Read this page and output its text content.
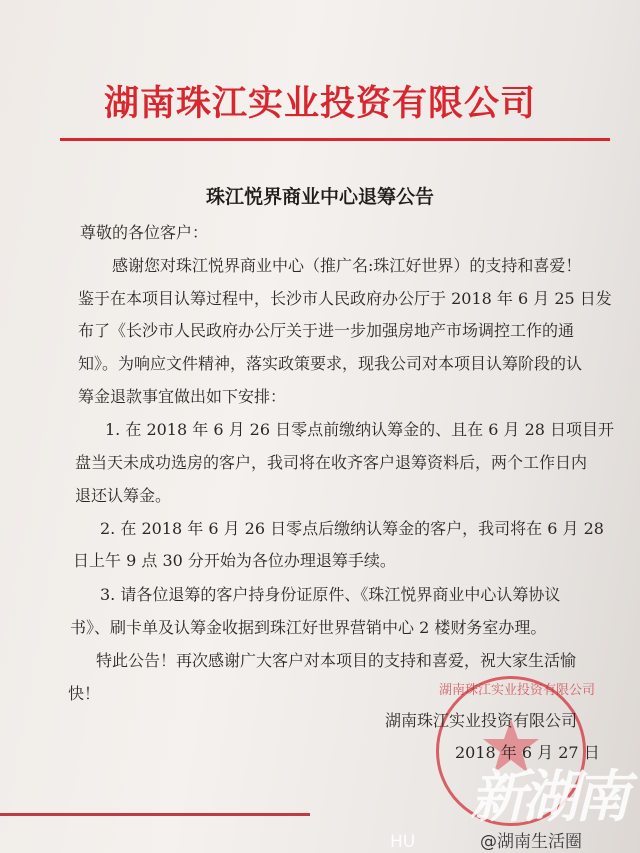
湖南珠江实业投资有限公司
珠江悦界商业中心退筹公告
尊敬的各位客户：
感谢您对珠江悦界商业中心（推广名:珠江好世界）的支持和喜爱！
鉴于在本项目认筹过程中，长沙市人民政府办公厅于 2018 年 6 月 25 日发
布了《长沙市人民政府办公厅关于进一步加强房地产市场调控工作的通
知》。为响应文件精神，落实政策要求，现我公司对本项目认筹阶段的认
筹金退款事宜做出如下安排：
1. 在 2018 年 6 月 26 日零点前缴纳认筹金的、且在 6 月 28 日项目开
盘当天未成功选房的客户，我司将在收齐客户退筹资料后，两个工作日内
退还认筹金。
2. 在 2018 年 6 月 26 日零点后缴纳认筹金的客户，我司将在 6 月 28
日上午 9 点 30 分开始为各位办理退筹手续。
3. 请各位退筹的客户持身份证原件、《珠江悦界商业中心认筹协议
书》、刷卡单及认筹金收据到珠江好世界营销中心 2 楼财务室办理。
特此公告！再次感谢广大客户对本项目的支持和喜爱，祝大家生活愉
快！	湖南珠江实业投资有限公司
湖南珠江实业投资有限公司
2018 年 6 月 27 日
新湖南
HU	@湖南生活圈
